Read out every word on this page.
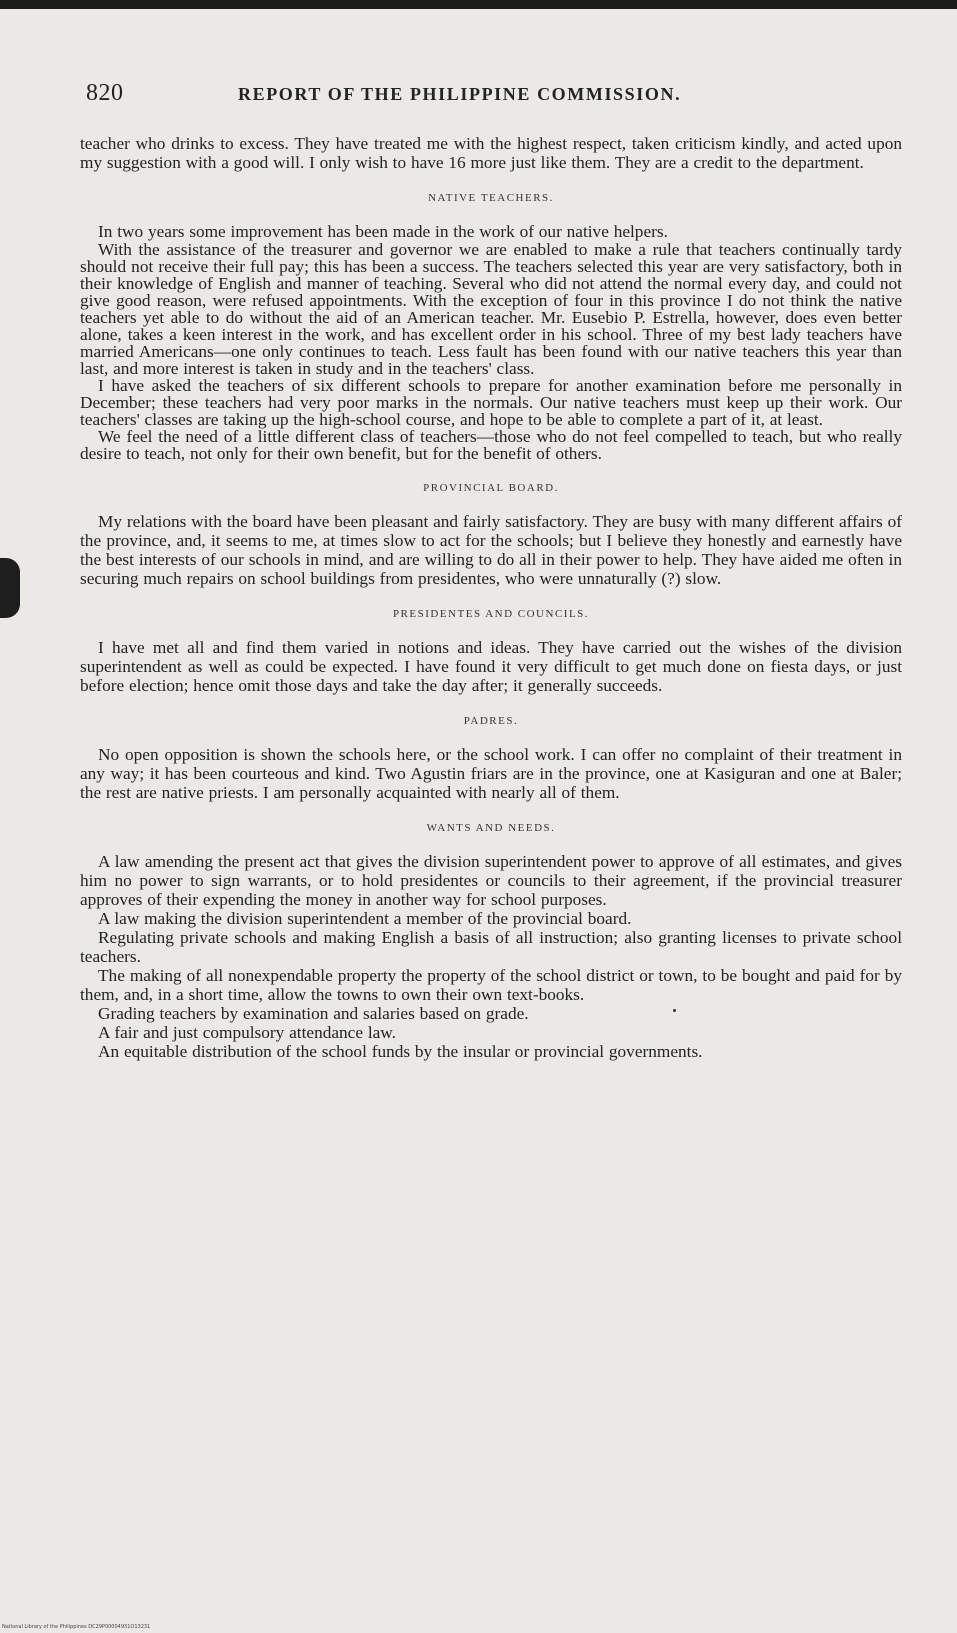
820	REPORT OF THE PHILIPPINE COMMISSION.

teacher who drinks to excess. They have treated me with the highest respect, taken criticism kindly, and acted upon my suggestion with a good will. I only wish to have 16 more just like them. They are a credit to the department.

NATIVE TEACHERS.

In two years some improvement has been made in the work of our native helpers.

With the assistance of the treasurer and governor we are enabled to make a rule that teachers continually tardy should not receive their full pay; this has been a success. The teachers selected this year are very satisfactory, both in their knowledge of English and manner of teaching. Several who did not attend the normal every day, and could not give good reason, were refused appointments. With the exception of four in this province I do not think the native teachers yet able to do without the aid of an American teacher. Mr. Eusebio P. Estrella, however, does even better alone, takes a keen interest in the work, and has excellent order in his school. Three of my best lady teachers have married Americans—one only continues to teach. Less fault has been found with our native teachers this year than last, and more interest is taken in study and in the teachers' class.

I have asked the teachers of six different schools to prepare for another examination before me personally in December; these teachers had very poor marks in the normals. Our native teachers must keep up their work. Our teachers' classes are taking up the high-school course, and hope to be able to complete a part of it, at least.

We feel the need of a little different class of teachers—those who do not feel compelled to teach, but who really desire to teach, not only for their own benefit, but for the benefit of others.

PROVINCIAL BOARD.

My relations with the board have been pleasant and fairly satisfactory. They are busy with many different affairs of the province, and, it seems to me, at times slow to act for the schools; but I believe they honestly and earnestly have the best interests of our schools in mind, and are willing to do all in their power to help. They have aided me often in securing much repairs on school buildings from presidentes, who were unnaturally (?) slow.

PRESIDENTES AND COUNCILS.

I have met all and find them varied in notions and ideas. They have carried out the wishes of the division superintendent as well as could be expected. I have found it very difficult to get much done on fiesta days, or just before election; hence omit those days and take the day after; it generally succeeds.

PADRES.

No open opposition is shown the schools here, or the school work. I can offer no complaint of their treatment in any way; it has been courteous and kind. Two Agustin friars are in the province, one at Kasiguran and one at Baler; the rest are native priests. I am personally acquainted with nearly all of them.

WANTS AND NEEDS.

A law amending the present act that gives the division superintendent power to approve of all estimates, and gives him no power to sign warrants, or to hold presidentes or councils to their agreement, if the provincial treasurer approves of their expending the money in another way for school purposes.

A law making the division superintendent a member of the provincial board.

Regulating private schools and making English a basis of all instruction; also granting licenses to private school teachers.

The making of all nonexpendable property the property of the school district or town, to be bought and paid for by them, and, in a short time, allow the towns to own their own text-books.

Grading teachers by examination and salaries based on grade.

A fair and just compulsory attendance law.

An equitable distribution of the school funds by the insular or provincial governments.

National Library of the Philippines DC29P00004931O13231
